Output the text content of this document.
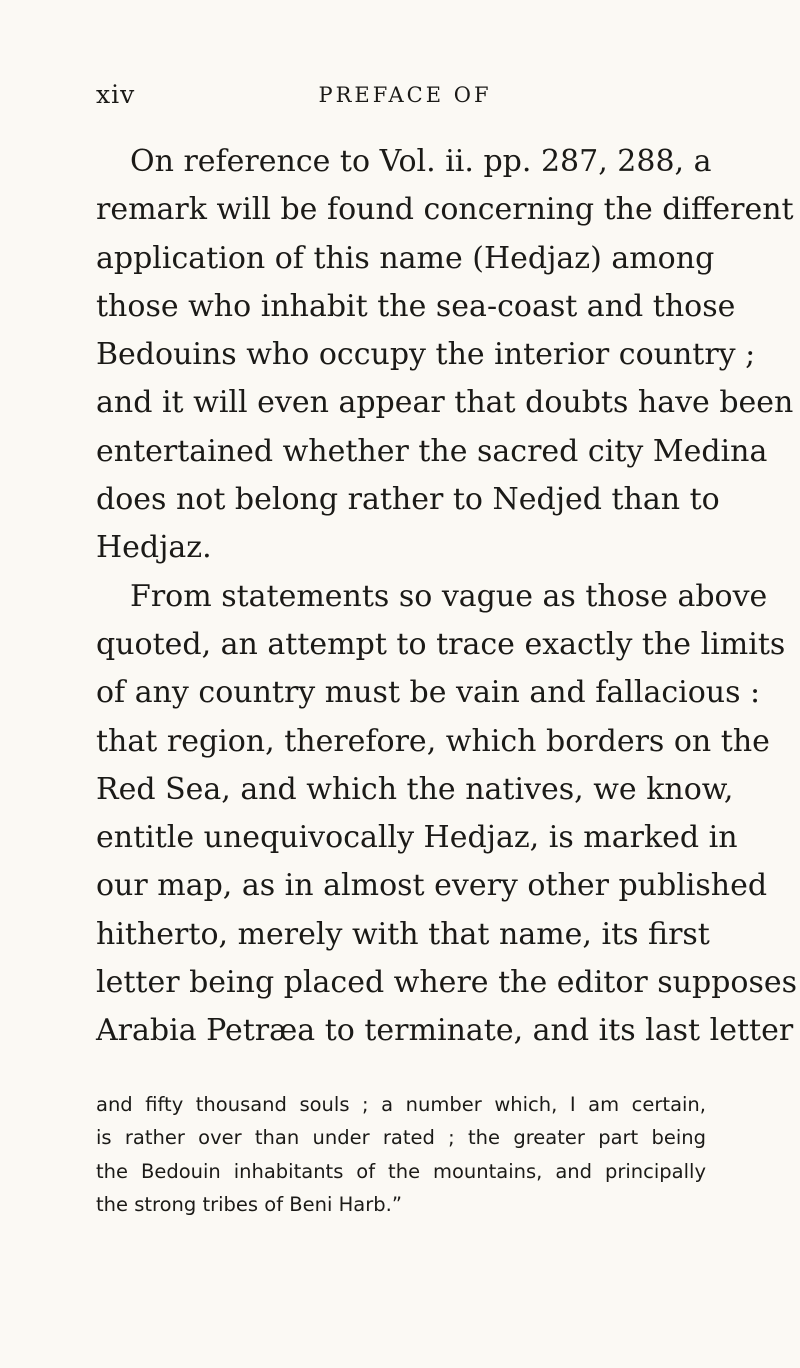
xiv	PREFACE OF
On reference to Vol. ii. pp. 287, 288, a
remark will be found concerning the different
application of this name (Hedjaz) among
those who inhabit the sea-coast and those
Bedouins who occupy the interior country ;
and it will even appear that doubts have been
entertained whether the sacred city Medina
does not belong rather to Nedjed than to
Hedjaz.
From statements so vague as those above
quoted, an attempt to trace exactly the limits
of any country must be vain and fallacious :
that region, therefore, which borders on the
Red Sea, and which the natives, we know,
entitle unequivocally Hedjaz, is marked in
our map, as in almost every other published
hitherto, merely with that name, its first
letter being placed where the editor supposes
Arabia Petræa to terminate, and its last letter
and fifty thousand souls ; a number which, I am certain,
is rather over than under rated ; the greater part being
the Bedouin inhabitants of the mountains, and principally
the strong tribes of Beni Harb.”
